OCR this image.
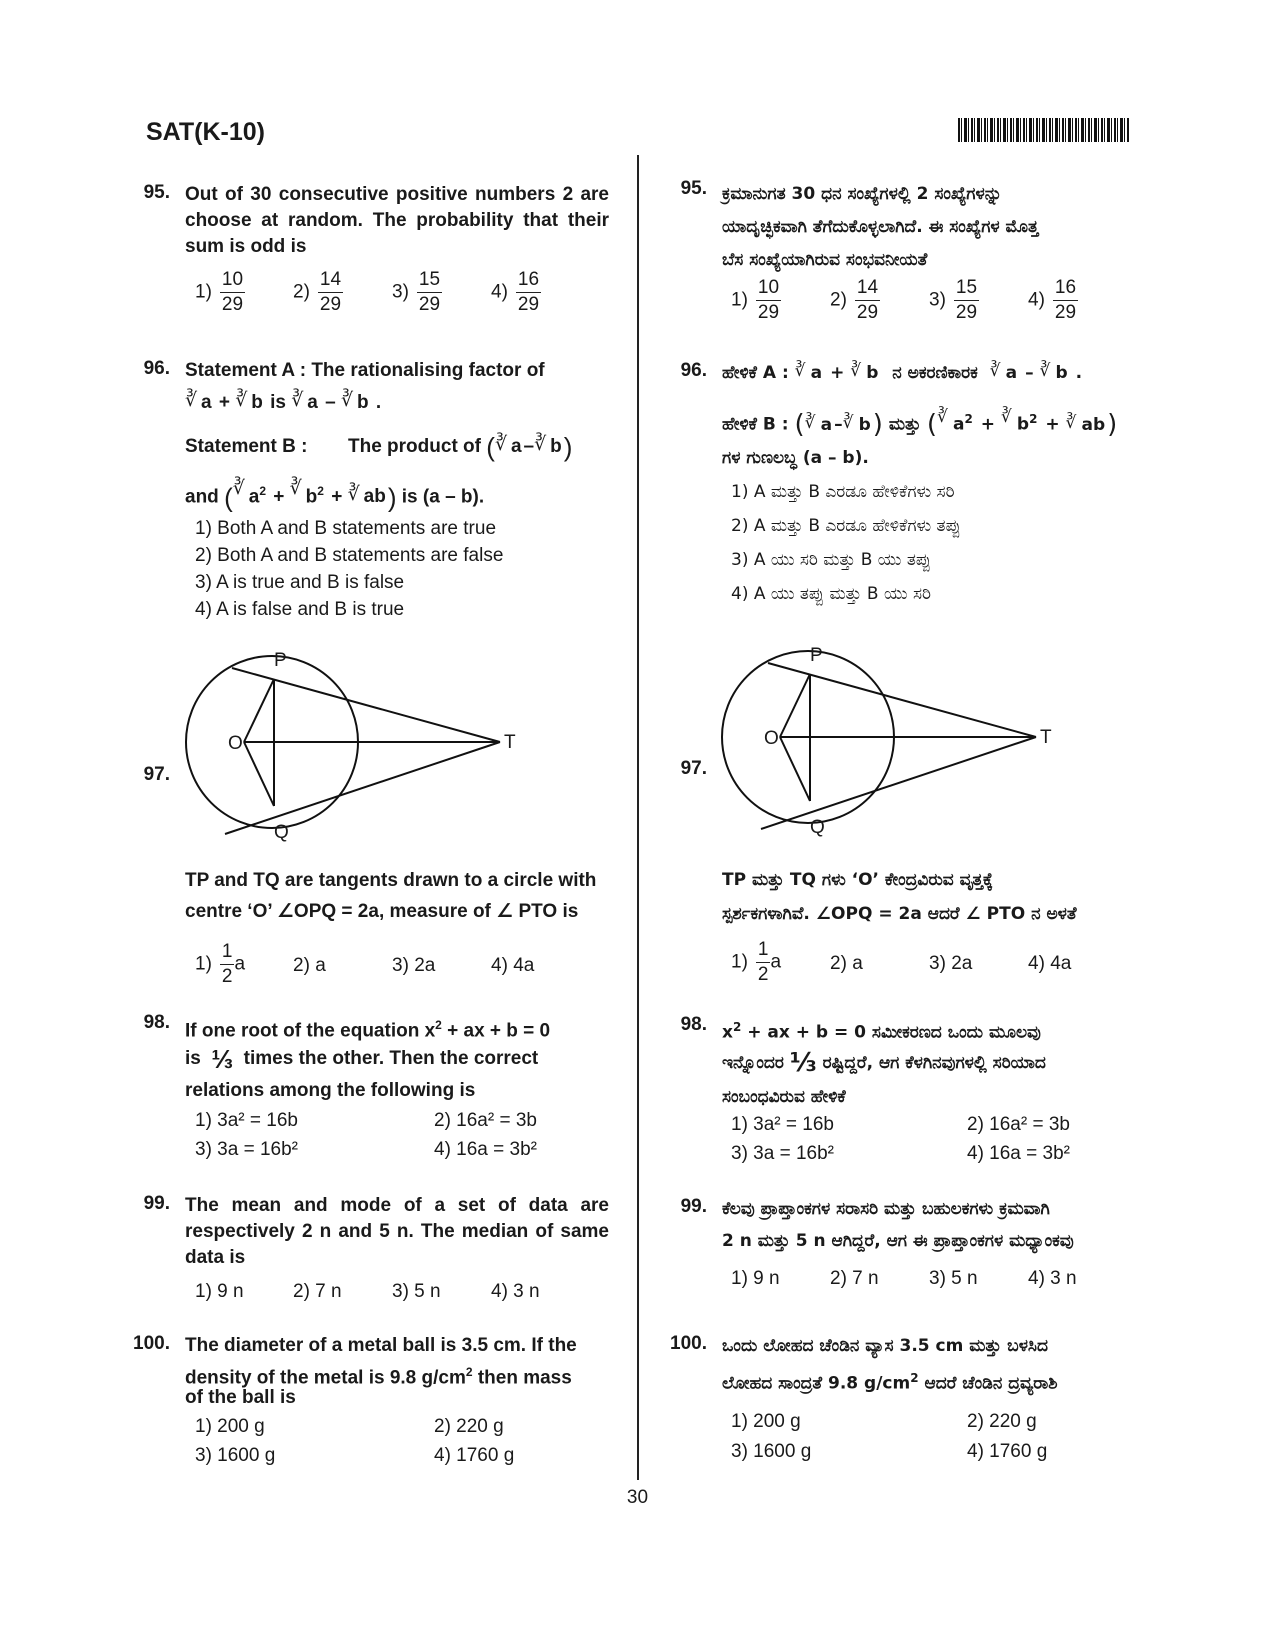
SAT(K-10)
95. Out of 30 consecutive positive numbers 2 are choose at random. The probability that their sum is odd is
$1) \frac{10}{29}$	$2) \frac{14}{29}$	$3) \frac{15}{29}$	$4) \frac{16}{29}$
96. Statement A : The rationalising factor of
∛ a + ∛ b is ∛ a – ∛ b .
Statement B : The product of ( ∛ a – ∛ b)
and ( ∛ $a^2$ + ∛ $b^2$ + ∛ ab) is (a – b).
1) Both A and B statements are true
2) Both A and B statements are false
3) A is true and B is false
4) A is false and B is true
97.
P
Q
O	T
TP and TQ are tangents drawn to a circle with
centre ‘O’ ∠OPQ = 2a, measure of ∠ PTO is
$1) \frac{1}{2}$ a	2) a	3) 2a	4) 4a
98. If one root of the equation $x^2$ + ax + b = 0
is ⅓ times the other. Then the correct
relations among the following is
1) 3a² = 16b	2) 16a² = 3b
3) 3a = 16b²	4) 16a = 3b²
99. The mean and mode of a set of data are respectively 2 n and 5 n. The median of same data is
1) 9 n	2) 7 n	3) 5 n	4) 3 n
100. The diameter of a metal ball is 3.5 cm. If the
density of the metal is 9.8 $g/cm^2$ then mass
of the ball is
1) 200 g	2) 220 g
3) 1600 g	4) 1760 g
95. ಕ್ರಮಾನುಗತ 30 ಧನ ಸಂಖ್ಯೆಗಳಲ್ಲಿ 2 ಸಂಖ್ಯೆಗಳನ್ನು
ಯಾದೃಚ್ಛಿಕವಾಗಿ ತೆಗೆದುಕೊಳ್ಳಲಾಗಿದೆ. ಈ ಸಂಖ್ಯೆಗಳ ಮೊತ್ತ
ಬೆಸ ಸಂಖ್ಯೆಯಾಗಿರುವ ಸಂಭವನೀಯತೆ
$1) \frac{10}{29}$	$2) \frac{14}{29}$	$3) \frac{15}{29}$	$4) \frac{16}{29}$
96. ಹೇಳಿಕೆ A : ∛ a + ∛ b ನ ಅಕರಣಿಕಾರಕ ∛ a – ∛ b .
ಹೇಳಿಕೆ B : ( ∛ a – ∛ b) ಮತ್ತು ( ∛ $a^2$ + ∛ $b^2$ + ∛ ab)
ಗಳ ಗುಣಲಬ್ಧ (a – b).
1) A ಮತ್ತು B ಎರಡೂ ಹೇಳಿಕೆಗಳು ಸರಿ
2) A ಮತ್ತು B ಎರಡೂ ಹೇಳಿಕೆಗಳು ತಪ್ಪು
3) A ಯು ಸರಿ ಮತ್ತು B ಯು ತಪ್ಪು
4) A ಯು ತಪ್ಪು ಮತ್ತು B ಯು ಸರಿ
97.
P
Q
O	T
TP ಮತ್ತು TQ ಗಳು ‘O’ ಕೇಂದ್ರವಿರುವ ವೃತ್ತಕ್ಕೆ
ಸ್ಪರ್ಶಕಗಳಾಗಿವೆ. ∠OPQ = 2a ಆದರೆ ∠ PTO ನ ಅಳತೆ
$1) \frac{1}{2}$ a	2) a	3) 2a	4) 4a
98. $x^2$ + ax + b = 0 ಸಮೀಕರಣದ ಒಂದು ಮೂಲವು
ಇನ್ನೊಂದರ ⅓ ರಷ್ಟಿದ್ದರೆ, ಆಗ ಕೆಳಗಿನವುಗಳಲ್ಲಿ ಸರಿಯಾದ
ಸಂಬಂಧವಿರುವ ಹೇಳಿಕೆ
1) 3a² = 16b	2) 16a² = 3b
3) 3a = 16b²	4) 16a = 3b²
99. ಕೆಲವು ಪ್ರಾಪ್ತಾಂಕಗಳ ಸರಾಸರಿ ಮತ್ತು ಬಹುಲಕಗಳು ಕ್ರಮವಾಗಿ
2 n ಮತ್ತು 5 n ಆಗಿದ್ದರೆ, ಆಗ ಈ ಪ್ರಾಪ್ತಾಂಕಗಳ ಮಧ್ಯಾಂಕವು
1) 9 n	2) 7 n	3) 5 n	4) 3 n
100. ಒಂದು ಲೋಹದ ಚೆಂಡಿನ ವ್ಯಾಸ 3.5 cm ಮತ್ತು ಬಳಸಿದ
ಲೋಹದ ಸಾಂದ್ರತೆ 9.8 $g/cm^2$ ಆದರೆ ಚೆಂಡಿನ ದ್ರವ್ಯರಾಶಿ
1) 200 g	2) 220 g
3) 1600 g	4) 1760 g
30
